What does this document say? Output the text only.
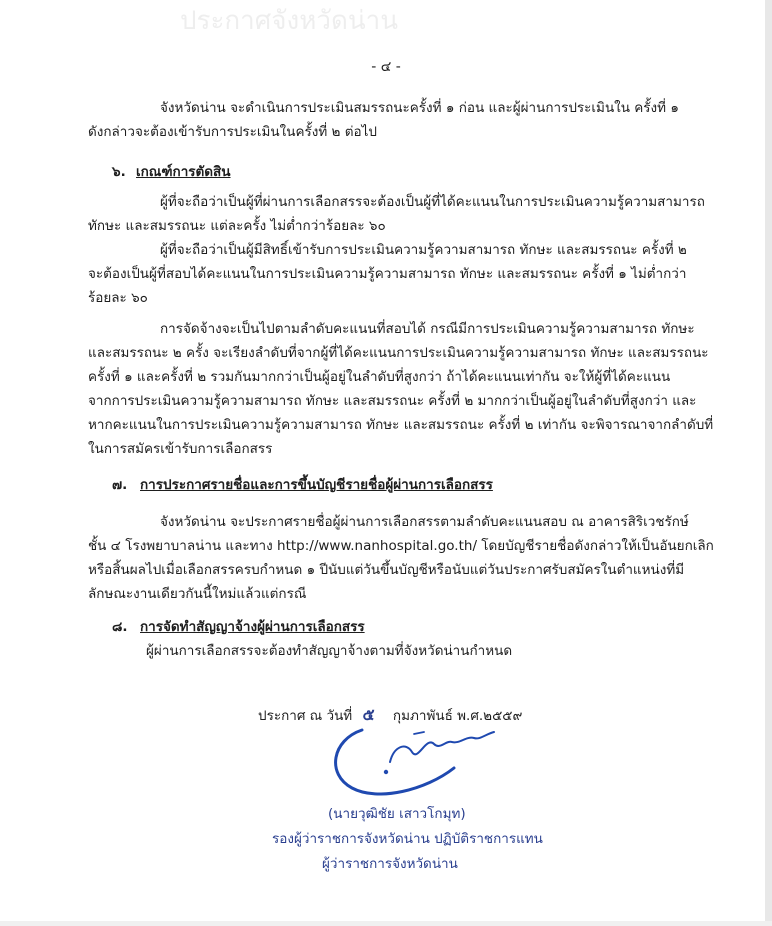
ประกาศจังหวัดน่าน
- ๔ -
จังหวัดน่าน จะดำเนินการประเมินสมรรถนะครั้งที่ ๑ ก่อน และผู้ผ่านการประเมินใน ครั้งที่ ๑
ดังกล่าวจะต้องเข้ารับการประเมินในครั้งที่ ๒ ต่อไป
๖. เกณฑ์การตัดสิน
ผู้ที่จะถือว่าเป็นผู้ที่ผ่านการเลือกสรรจะต้องเป็นผู้ที่ได้คะแนนในการประเมินความรู้ความสามารถ
ทักษะ และสมรรถนะ แต่ละครั้ง ไม่ต่ำกว่าร้อยละ ๖๐
ผู้ที่จะถือว่าเป็นผู้มีสิทธิ์เข้ารับการประเมินความรู้ความสามารถ ทักษะ และสมรรถนะ ครั้งที่ ๒
จะต้องเป็นผู้ที่สอบได้คะแนนในการประเมินความรู้ความสามารถ ทักษะ และสมรรถนะ ครั้งที่ ๑ ไม่ต่ำกว่า
ร้อยละ ๖๐
การจัดจ้างจะเป็นไปตามลำดับคะแนนที่สอบได้ กรณีมีการประเมินความรู้ความสามารถ ทักษะ
และสมรรถนะ ๒ ครั้ง จะเรียงลำดับที่จากผู้ที่ได้คะแนนการประเมินความรู้ความสามารถ ทักษะ และสมรรถนะ
ครั้งที่ ๑ และครั้งที่ ๒ รวมกันมากกว่าเป็นผู้อยู่ในลำดับที่สูงกว่า ถ้าได้คะแนนเท่ากัน จะให้ผู้ที่ได้คะแนน
จากการประเมินความรู้ความสามารถ ทักษะ และสมรรถนะ ครั้งที่ ๒ มากกว่าเป็นผู้อยู่ในลำดับที่สูงกว่า และ
หากคะแนนในการประเมินความรู้ความสามารถ ทักษะ และสมรรถนะ ครั้งที่ ๒ เท่ากัน จะพิจารณาจากลำดับที่
ในการสมัครเข้ารับการเลือกสรร
๗. การประกาศรายชื่อและการขึ้นบัญชีรายชื่อผู้ผ่านการเลือกสรร
จังหวัดน่าน จะประกาศรายชื่อผู้ผ่านการเลือกสรรตามลำดับคะแนนสอบ ณ อาคารสิริเวชรักษ์
ชั้น ๔ โรงพยาบาลน่าน และทาง http://www.nanhospital.go.th/ โดยบัญชีรายชื่อดังกล่าวให้เป็นอันยกเลิก
หรือสิ้นผลไปเมื่อเลือกสรรครบกำหนด ๑ ปีนับแต่วันขึ้นบัญชีหรือนับแต่วันประกาศรับสมัครในตำแหน่งที่มี
ลักษณะงานเดียวกันนี้ใหม่แล้วแต่กรณี
๘. การจัดทำสัญญาจ้างผู้ผ่านการเลือกสรร
ผู้ผ่านการเลือกสรรจะต้องทำสัญญาจ้างตามที่จังหวัดน่านกำหนด
ประกาศ ณ วันที่ ๕ กุมภาพันธ์ พ.ศ.๒๕๕๙
(นายวุฒิชัย เสาวโกมุท)
รองผู้ว่าราชการจังหวัดน่าน ปฏิบัติราชการแทน
ผู้ว่าราชการจังหวัดน่าน
